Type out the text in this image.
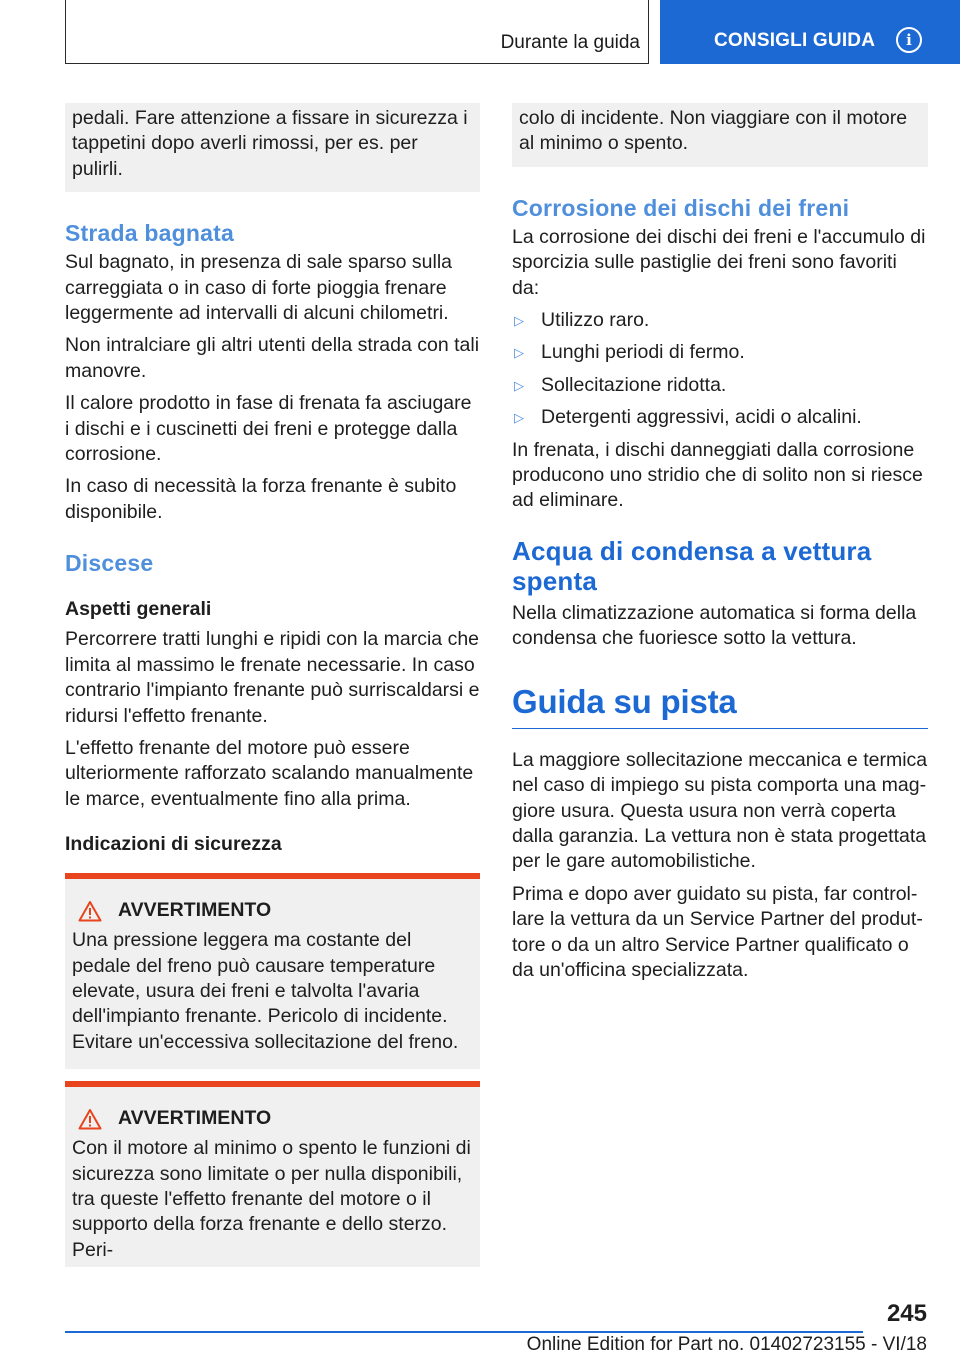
Durante la guida	CONSIGLI GUIDA	i

pedali. Fare attenzione a fissare in sicurezza i tappetini dopo averli rimossi, per es. per pulirli.

Strada bagnata

Sul bagnato, in presenza di sale sparso sulla carreggiata o in caso di forte pioggia frenare leggermente ad intervalli di alcuni chilometri.

Non intralciare gli altri utenti della strada con tali manovre.

Il calore prodotto in fase di frenata fa asciugare i dischi e i cuscinetti dei freni e protegge dalla corrosione.

In caso di necessità la forza frenante è subito disponibile.

Discese
Aspetti generali

Percorrere tratti lunghi e ripidi con la marcia che limita al massimo le frenate necessarie. In caso contrario l'impianto frenante può surriscaldarsi e ridursi l'effetto frenante.

L'effetto frenante del motore può essere ulteriormente rafforzato scalando manualmente le marce, eventualmente fino alla prima.

Indicazioni di sicurezza
AVVERTIMENTO

Una pressione leggera ma costante del pedale del freno può causare temperature elevate, usura dei freni e talvolta l'avaria dell'impianto frenante. Pericolo di incidente. Evitare un'eccessiva sollecitazione del freno.

AVVERTIMENTO

Con il motore al minimo o spento le funzioni di sicurezza sono limitate o per nulla disponibili, tra queste l'effetto frenante del motore o il supporto della forza frenante e dello sterzo. Peri-

colo di incidente. Non viaggiare con il motore al minimo o spento.

Corrosione dei dischi dei freni

La corrosione dei dischi dei freni e l'accumulo di sporcizia sulle pastiglie dei freni sono favoriti da:

▷ Utilizzo raro.
▷ Lunghi periodi di fermo.
▷ Sollecitazione ridotta.
▷ Detergenti aggressivi, acidi o alcalini.

In frenata, i dischi danneggiati dalla corrosione producono uno stridio che di solito non si riesce ad eliminare.

Acqua di condensa a vettura spenta

Nella climatizzazione automatica si forma della condensa che fuoriesce sotto la vettura.

Guida su pista

La maggiore sollecitazione meccanica e termica nel caso di impiego su pista comporta una maggiore usura. Questa usura non verrà coperta dalla garanzia. La vettura non è stata progettata per le gare automobilistiche.

Prima e dopo aver guidato su pista, far controllare la vettura da un Service Partner del produttore o da un altro Service Partner qualificato o da un'officina specializzata.

245
Online Edition for Part no. 01402723155 - VI/18
